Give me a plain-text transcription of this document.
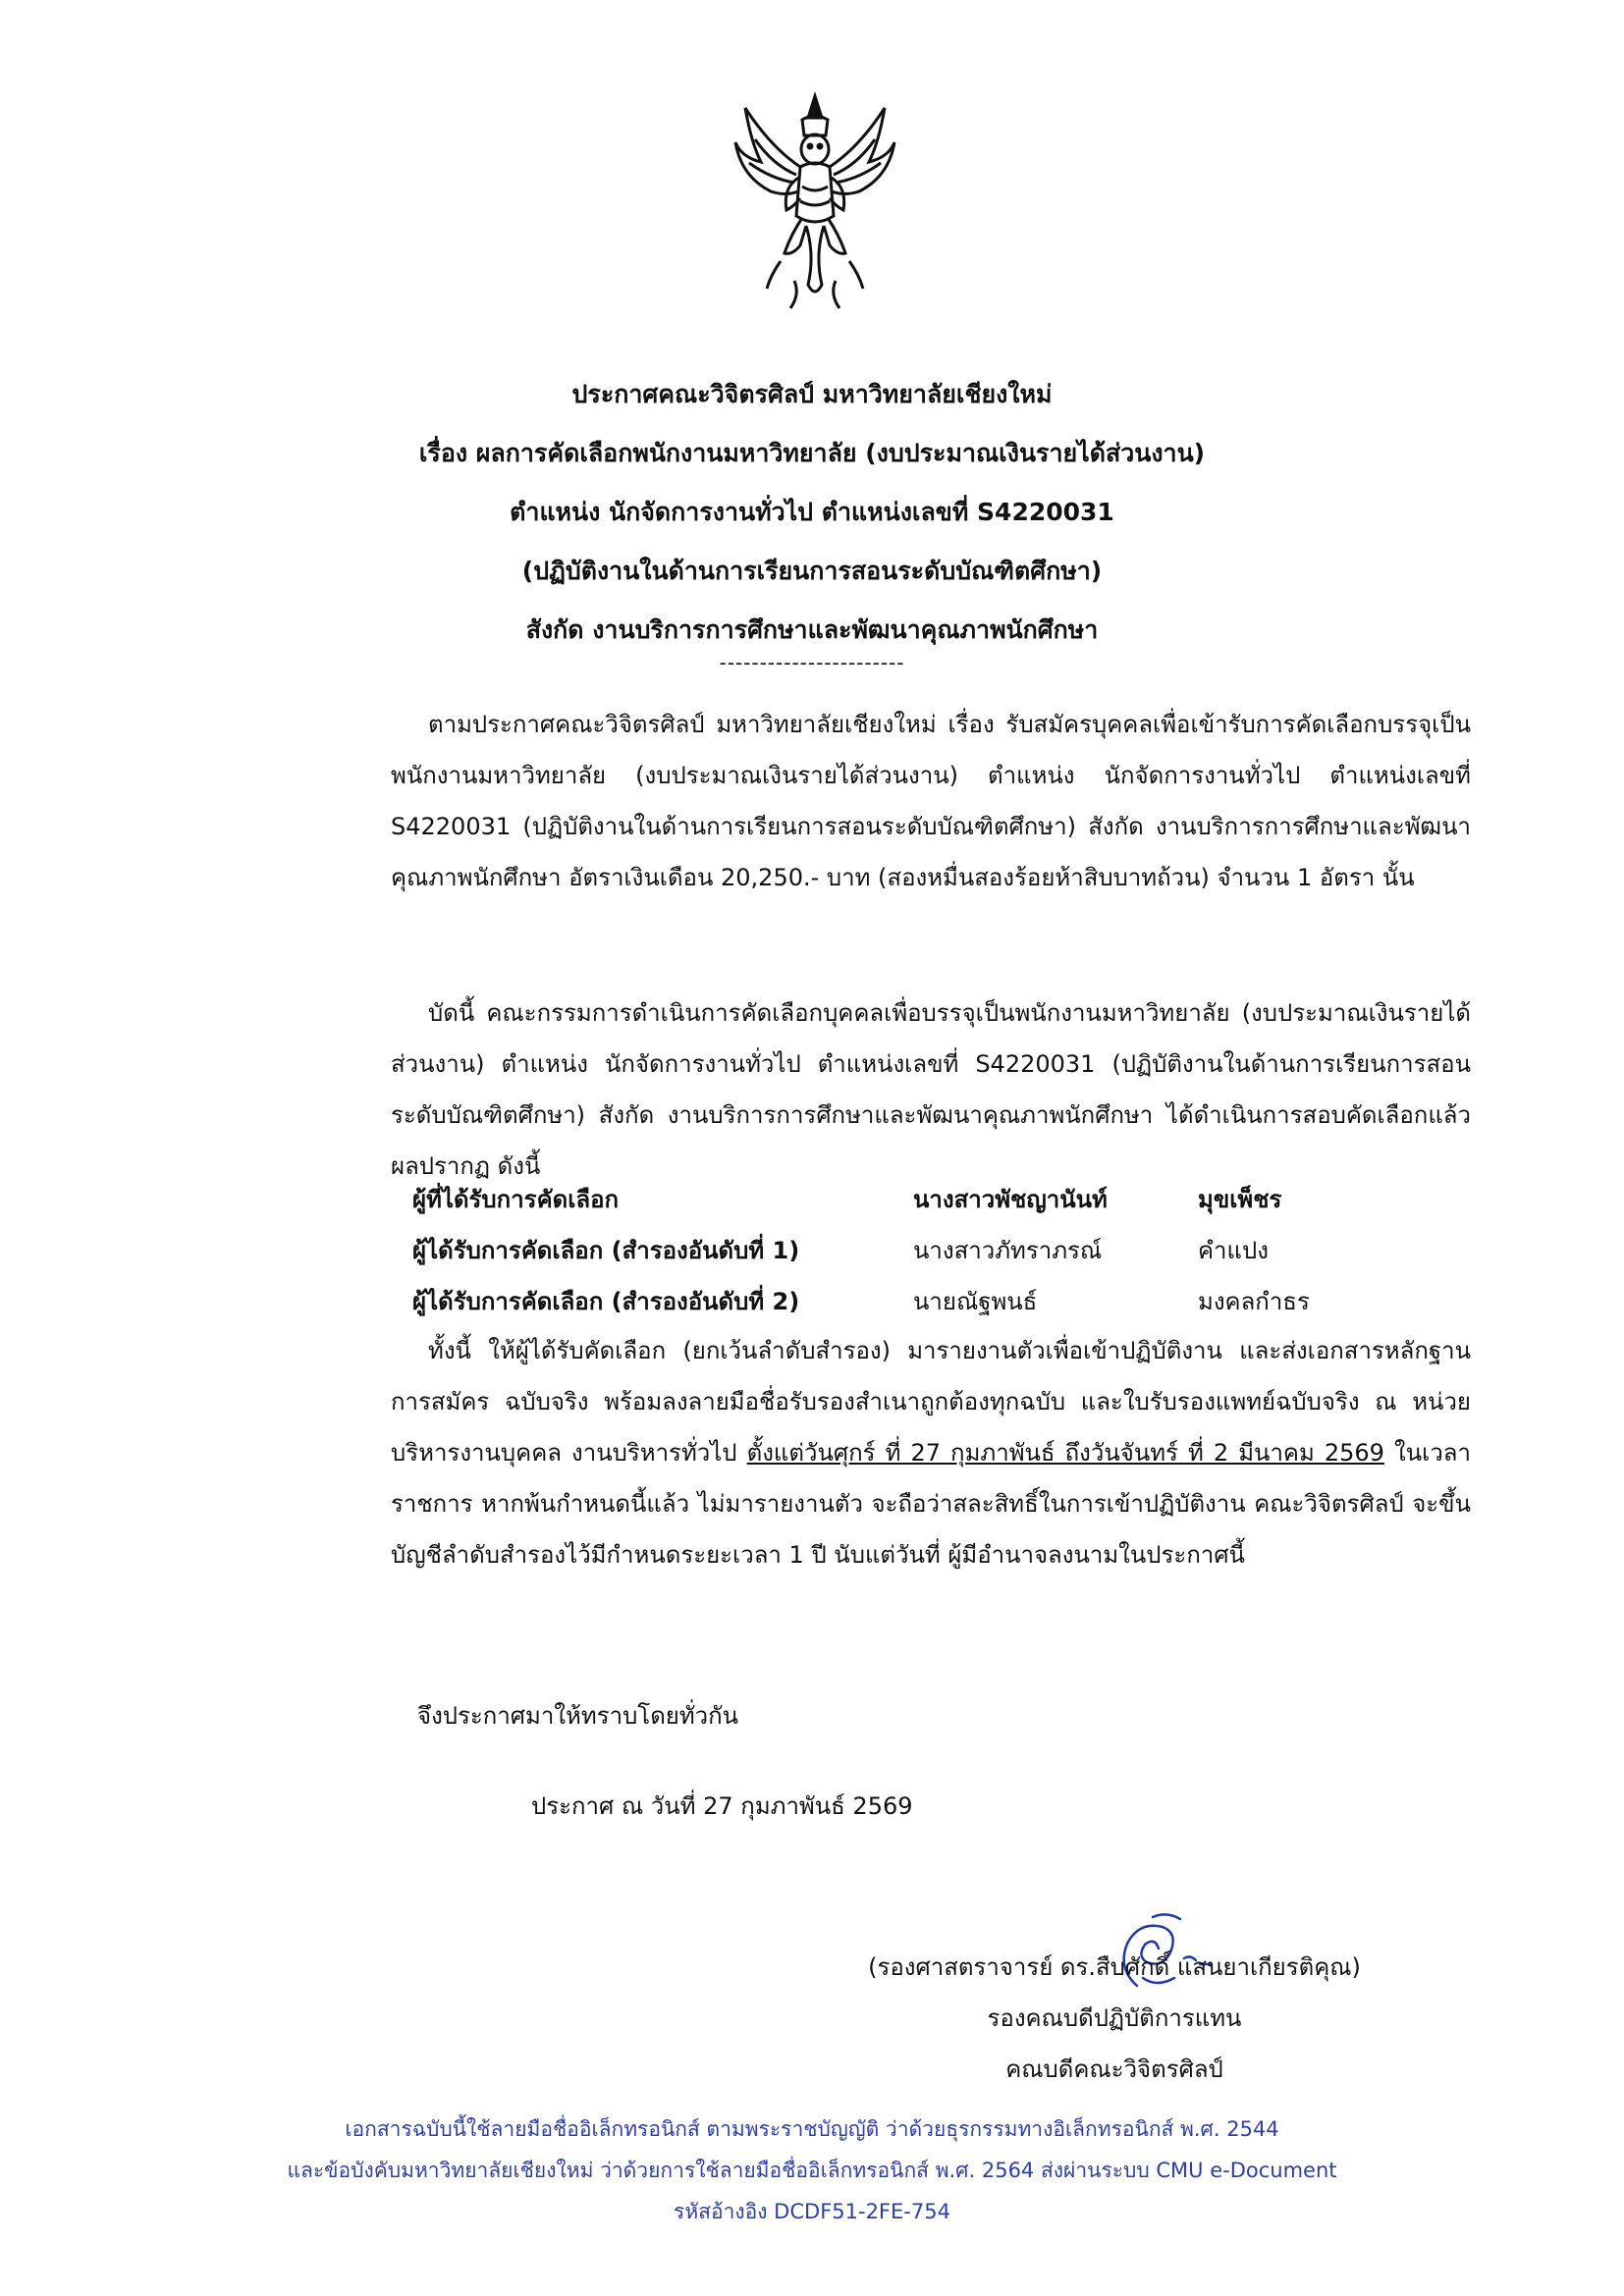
ประกาศคณะวิจิตรศิลป์ มหาวิทยาลัยเชียงใหม่
เรื่อง ผลการคัดเลือกพนักงานมหาวิทยาลัย (งบประมาณเงินรายได้ส่วนงาน)
ตำแหน่ง นักจัดการงานทั่วไป ตำแหน่งเลขที่ S4220031
(ปฏิบัติงานในด้านการเรียนการสอนระดับบัณฑิตศึกษา)
สังกัด งานบริการการศึกษาและพัฒนาคุณภาพนักศึกษา
-----------------------
ตามประกาศคณะวิจิตรศิลป์ มหาวิทยาลัยเชียงใหม่ เรื่อง รับสมัครบุคคลเพื่อเข้ารับการคัดเลือกบรรจุเป็นพนักงานมหาวิทยาลัย (งบประมาณเงินรายได้ส่วนงาน) ตำแหน่ง นักจัดการงานทั่วไป ตำแหน่งเลขที่ S4220031 (ปฏิบัติงานในด้านการเรียนการสอนระดับบัณฑิตศึกษา) สังกัด งานบริการการศึกษาและพัฒนาคุณภาพนักศึกษา อัตราเงินเดือน 20,250.- บาท (สองหมื่นสองร้อยห้าสิบบาทถ้วน) จำนวน 1 อัตรา นั้น
บัดนี้ คณะกรรมการดำเนินการคัดเลือกบุคคลเพื่อบรรจุเป็นพนักงานมหาวิทยาลัย (งบประมาณเงินรายได้ส่วนงาน) ตำแหน่ง นักจัดการงานทั่วไป ตำแหน่งเลขที่ S4220031 (ปฏิบัติงานในด้านการเรียนการสอนระดับบัณฑิตศึกษา) สังกัด งานบริการการศึกษาและพัฒนาคุณภาพนักศึกษา ได้ดำเนินการสอบคัดเลือกแล้วผลปรากฏ ดังนี้
ผู้ที่ได้รับการคัดเลือก	นางสาวพัชญานันท์	มุขเพ็ชร
ผู้ได้รับการคัดเลือก (สำรองอันดับที่ 1)	นางสาวภัทราภรณ์	คำแปง
ผู้ได้รับการคัดเลือก (สำรองอันดับที่ 2)	นายณัฐพนธ์	มงคลกำธร
ทั้งนี้ ให้ผู้ได้รับคัดเลือก (ยกเว้นลำดับสำรอง) มารายงานตัวเพื่อเข้าปฏิบัติงาน และส่งเอกสารหลักฐานการสมัคร ฉบับจริง พร้อมลงลายมือชื่อรับรองสำเนาถูกต้องทุกฉบับ และใบรับรองแพทย์ฉบับจริง ณ หน่วยบริหารงานบุคคล งานบริหารทั่วไป ตั้งแต่วันศุกร์ ที่ 27 กุมภาพันธ์ ถึงวันจันทร์ ที่ 2 มีนาคม 2569 ในเวลาราชการ หากพ้นกำหนดนี้แล้ว ไม่มารายงานตัว จะถือว่าสละสิทธิ์ในการเข้าปฏิบัติงาน คณะวิจิตรศิลป์ จะขึ้นบัญชีลำดับสำรองไว้มีกำหนดระยะเวลา 1 ปี นับแต่วันที่ ผู้มีอำนาจลงนามในประกาศนี้
จึงประกาศมาให้ทราบโดยทั่วกัน
ประกาศ ณ วันที่ 27 กุมภาพันธ์ 2569
(รองศาสตราจารย์ ดร.สืบศักดิ์ แสนยาเกียรติคุณ)
รองคณบดีปฏิบัติการแทน
คณบดีคณะวิจิตรศิลป์
เอกสารฉบับนี้ใช้ลายมือชื่ออิเล็กทรอนิกส์ ตามพระราชบัญญัติ ว่าด้วยธุรกรรมทางอิเล็กทรอนิกส์ พ.ศ. 2544
และข้อบังคับมหาวิทยาลัยเชียงใหม่ ว่าด้วยการใช้ลายมือชื่ออิเล็กทรอนิกส์ พ.ศ. 2564 ส่งผ่านระบบ CMU e-Document
รหัสอ้างอิง DCDF51-2FE-754
